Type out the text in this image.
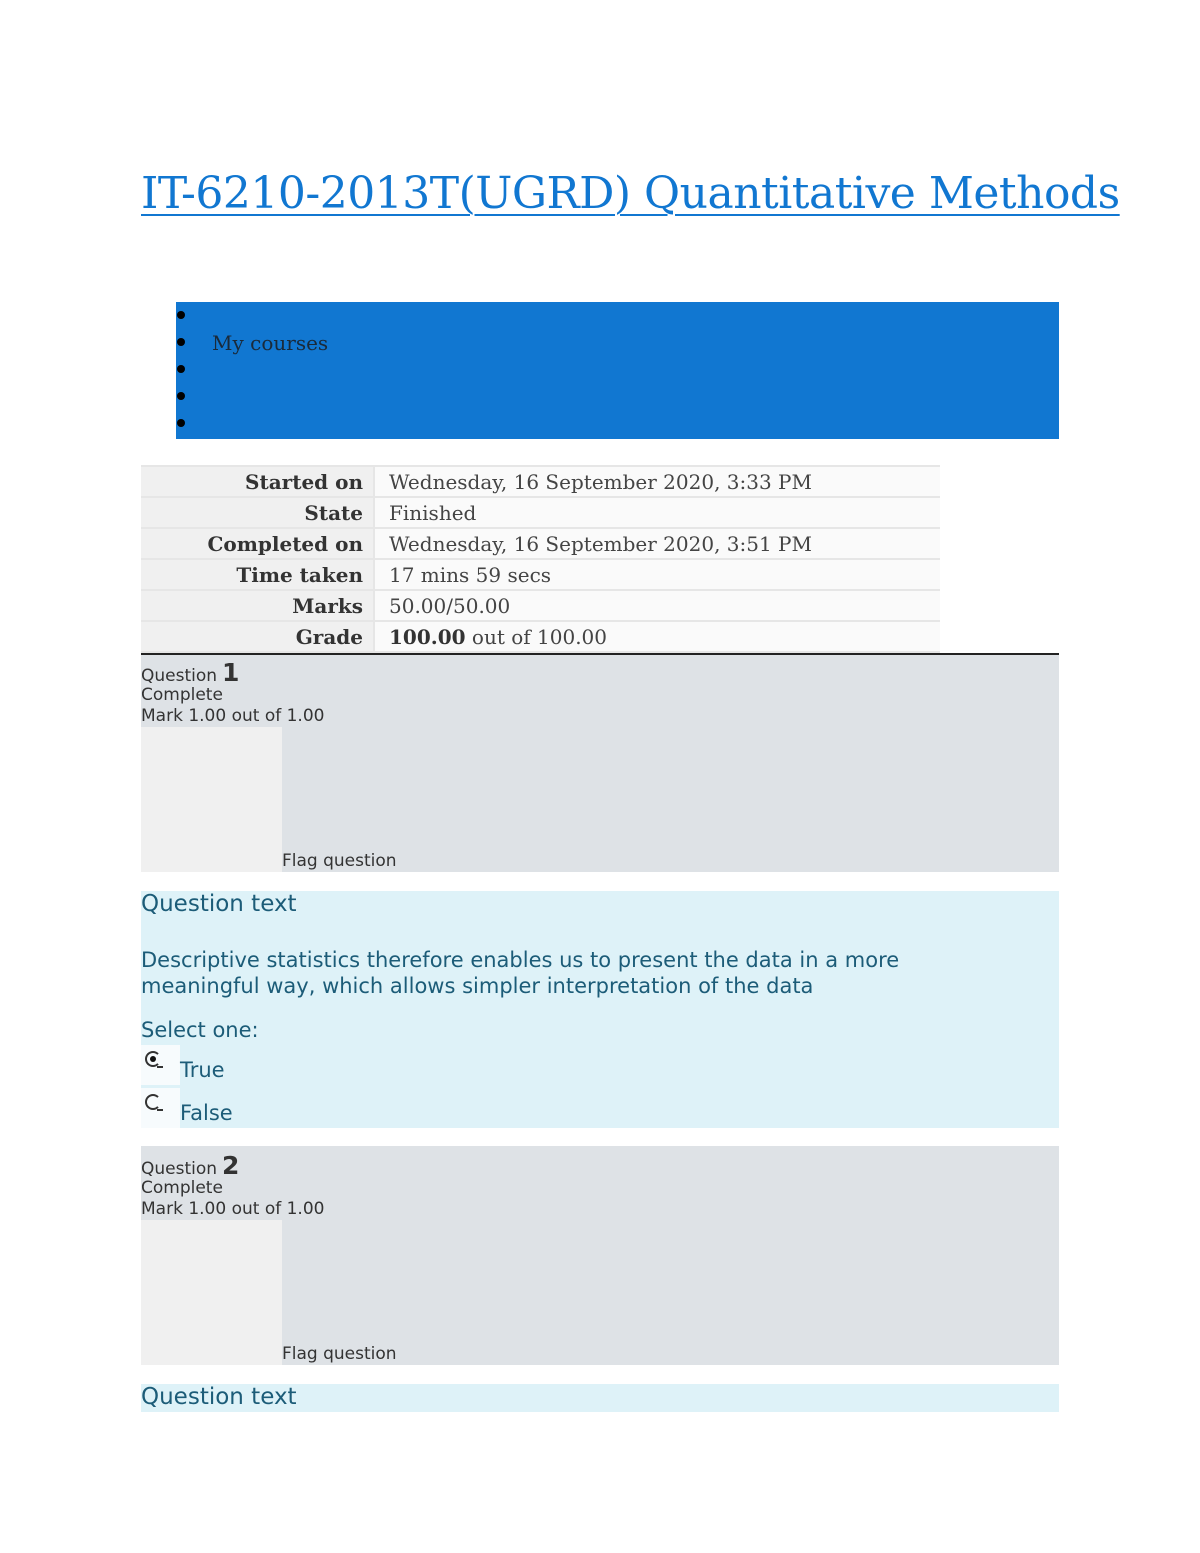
IT-6210-2013T(UGRD) Quantitative Methods
My courses
Started on	Wednesday, 16 September 2020, 3:33 PM
State	Finished
Completed on	Wednesday, 16 September 2020, 3:51 PM
Time taken	17 mins 59 secs
Marks	50.00/50.00
Grade	100.00 out of 100.00
Question 1
Complete
Mark 1.00 out of 1.00
Flag question
Question text
Descriptive statistics therefore enables us to present the data in a more meaningful way, which allows simpler interpretation of the data
Select one:
True
False
Question 2
Complete
Mark 1.00 out of 1.00
Flag question
Question text
